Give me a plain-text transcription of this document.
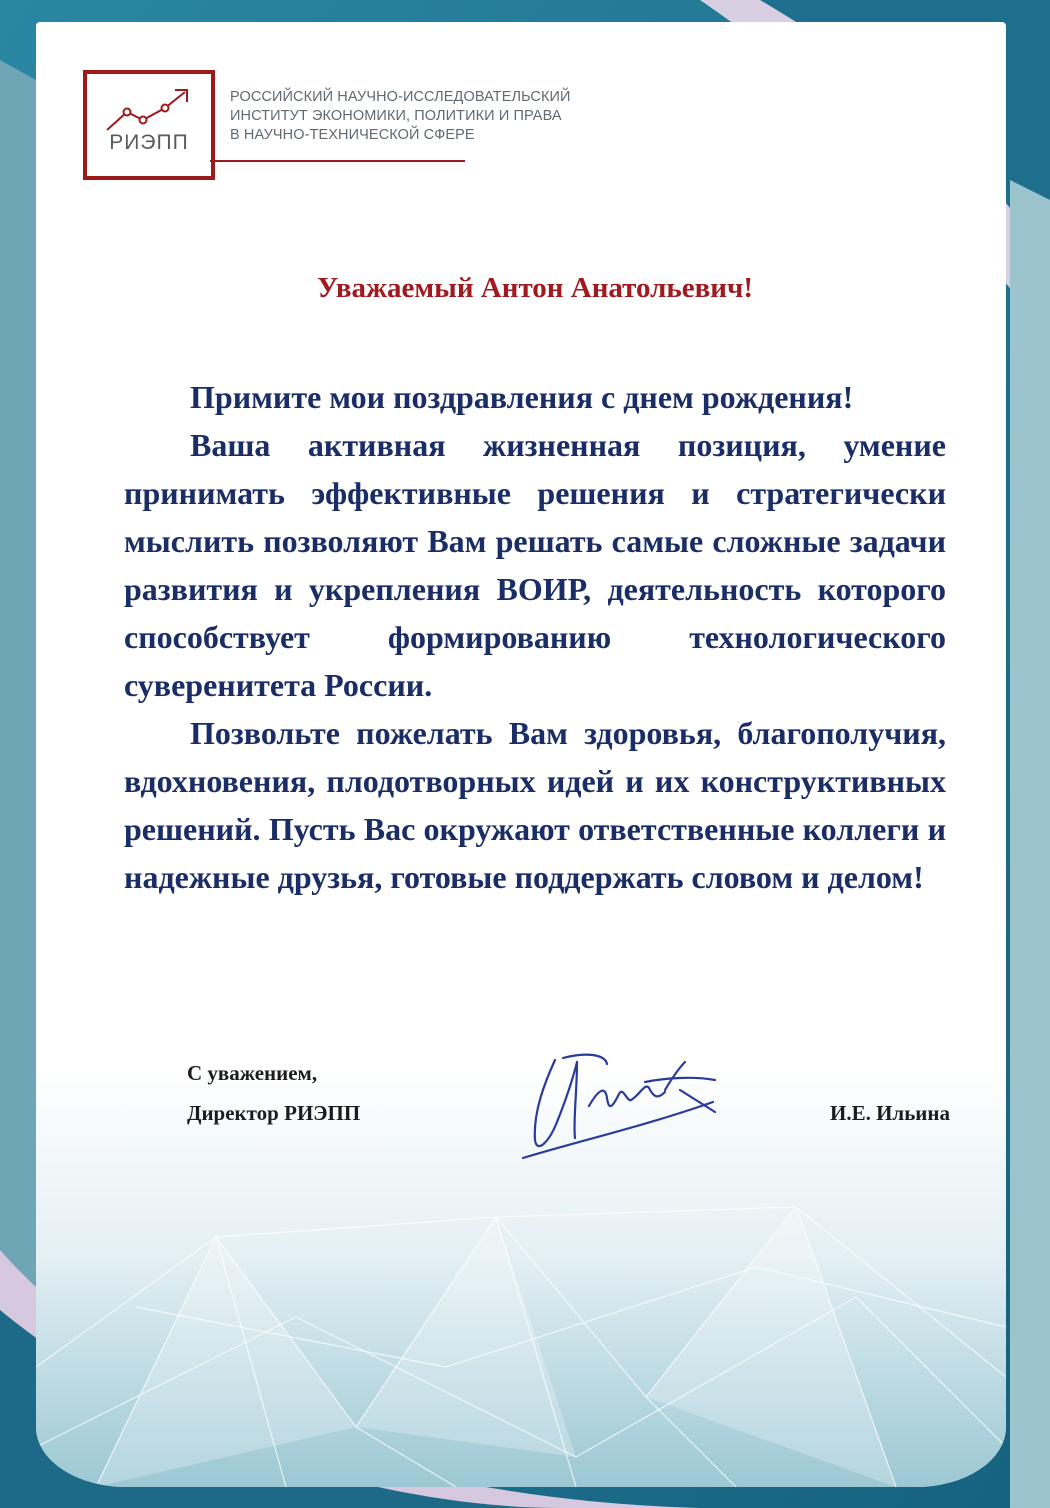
РИЭПП
РОССИЙСКИЙ НАУЧНО-ИССЛЕДОВАТЕЛЬСКИЙ
ИНСТИТУТ ЭКОНОМИКИ, ПОЛИТИКИ И ПРАВА
В НАУЧНО-ТЕХНИЧЕСКОЙ СФЕРЕ
Уважаемый Антон Анатольевич!

Примите мои поздравления с днем рождения!

Ваша активная жизненная позиция, умение принимать эффективные решения и стратегически мыслить позволяют Вам решать самые сложные задачи развития и укрепления ВОИР, деятельность которого способствует формированию технологического суверенитета России.

Позвольте пожелать Вам здоровья, благополучия, вдохновения, плодотворных идей и их конструктивных решений. Пусть Вас окружают ответственные коллеги и надежные друзья, готовые поддержать словом и делом!

С уважением,
Директор РИЭПП	И.Е. Ильина
